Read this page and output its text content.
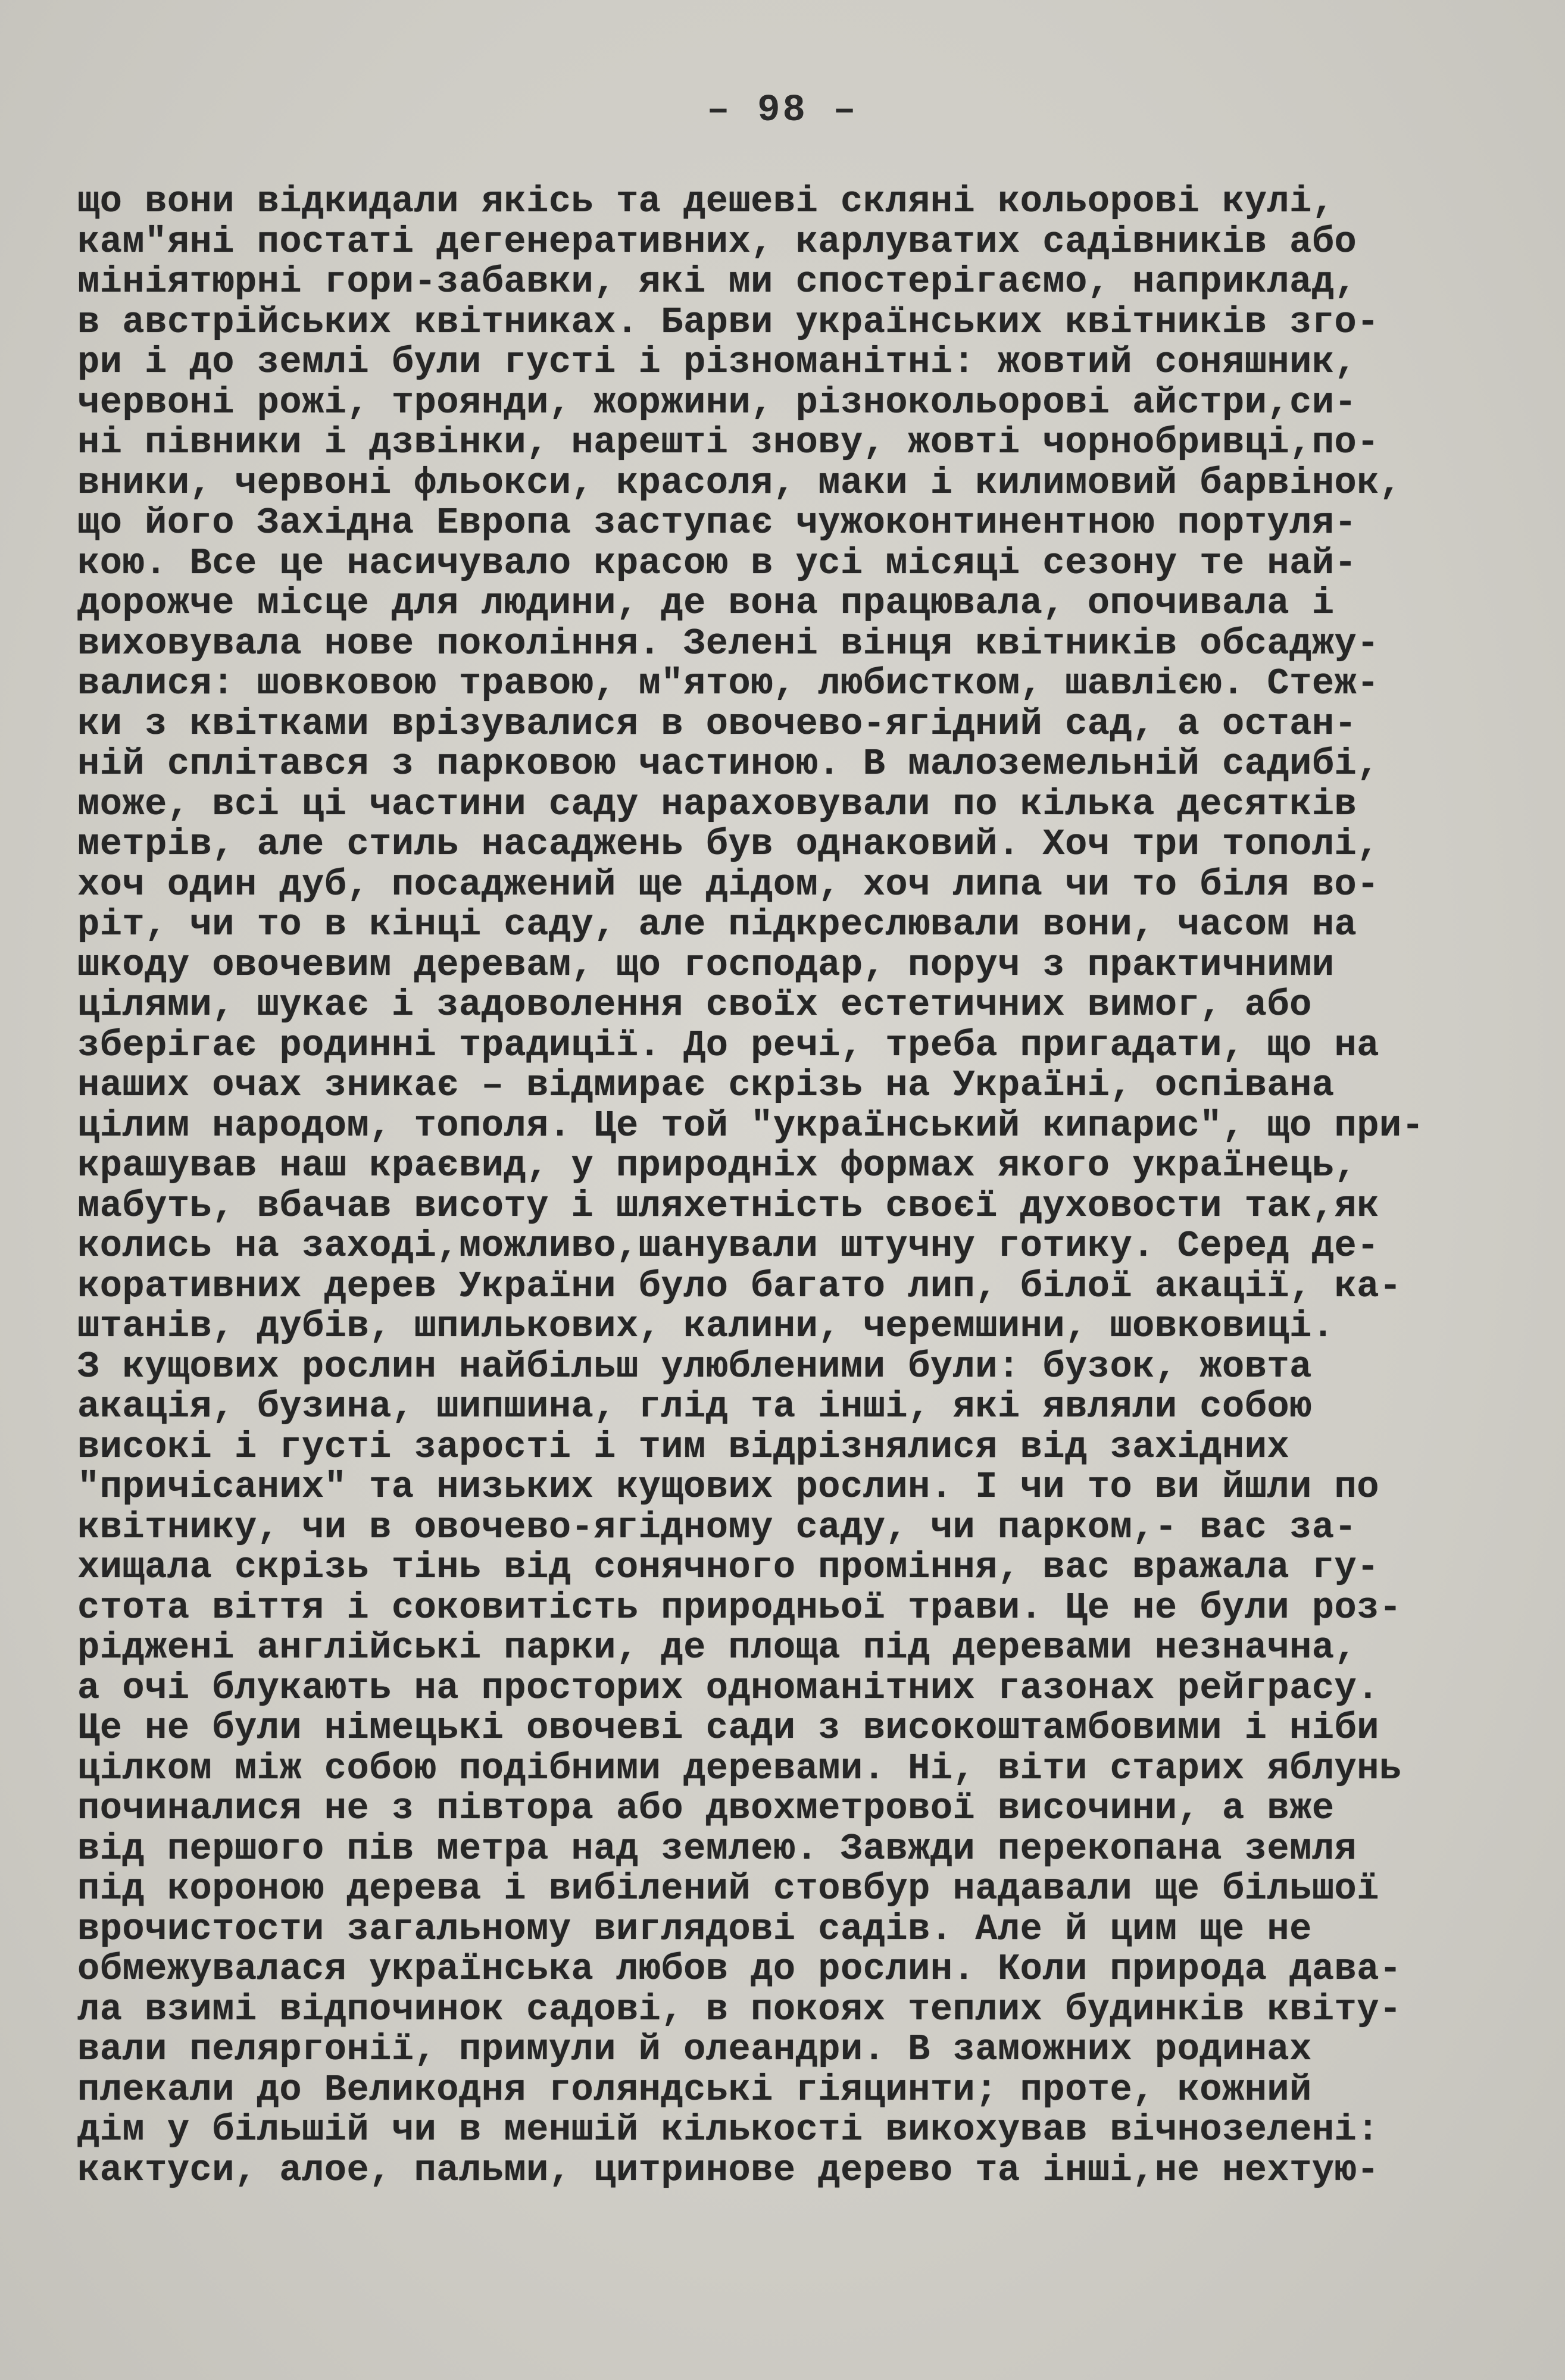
– 98 –
що вони відкидали якісь та дешеві скляні кольорові кулі,
кам"яні постаті дегенеративних, карлуватих садівників або
мініятюрні гори-забавки, які ми спостерігаємо, наприклад,
в австрійських квітниках. Барви українських квітників зго-
ри і до землі були густі і різноманітні: жовтий соняшник,
червоні рожі, троянди, жоржини, різнокольорові айстри,си-
ні півники і дзвінки, нарешті знову, жовті чорнобривці,по-
вники, червоні фльокси, красоля, маки і килимовий барвінок,
що його Західна Европа заступає чужоконтинентною портуля-
кою. Все це насичувало красою в усі місяці сезону те най-
дорожче місце для людини, де вона працювала, опочивала і
виховувала нове покоління. Зелені вінця квітників обсаджу-
валися: шовковою травою, м"ятою, любистком, шавлією. Стеж-
ки з квітками врізувалися в овочево-ягідний сад, а остан-
ній сплітався з парковою частиною. В малоземельній садибі,
може, всі ці частини саду нараховували по кілька десятків
метрів, але стиль насаджень був однаковий. Хоч три тополі,
хоч один дуб, посаджений ще дідом, хоч липа чи то біля во-
ріт, чи то в кінці саду, але підкреслювали вони, часом на
шкоду овочевим деревам, що господар, поруч з практичними
цілями, шукає і задоволення своїх естетичних вимог, або
зберігає родинні традиції. До речі, треба пригадати, що на
наших очах зникає – відмирає скрізь на Україні, оспівана
цілим народом, тополя. Це той "український кипарис", що при-
крашував наш краєвид, у природніх формах якого українець,
мабуть, вбачав висоту і шляхетність своєї духовости так,як
колись на заході,можливо,шанували штучну готику. Серед де-
коративних дерев України було багато лип, білої акації, ка-
штанів, дубів, шпилькових, калини, черемшини, шовковиці.
З кущових рослин найбільш улюбленими були: бузок, жовта
акація, бузина, шипшина, глід та інші, які являли собою
високі і густі зарості і тим відрізнялися від західних
"причісаних" та низьких кущових рослин. І чи то ви йшли по
квітнику, чи в овочево-ягідному саду, чи парком,- вас за-
хищала скрізь тінь від сонячного проміння, вас вражала гу-
стота віття і соковитість природньої трави. Це не були роз-
ріджені англійські парки, де площа під деревами незначна,
а очі блукають на просторих одноманітних газонах рейграсу.
Це не були німецькі овочеві сади з високоштамбовими і ніби
цілком між собою подібними деревами. Ні, віти старих яблунь
починалися не з півтора або двохметрової височини, а вже
від першого пів метра над землею. Завжди перекопана земля
під короною дерева і вибілений стовбур надавали ще більшої
врочистости загальному виглядові садів. Але й цим ще не
обмежувалася українська любов до рослин. Коли природа дава-
ла взимі відпочинок садові, в покоях теплих будинків квіту-
вали пеляргонії, примули й олеандри. В заможних родинах
плекали до Великодня голяндські гіяцинти; проте, кожний
дім у більшій чи в меншій кількості викохував вічнозелені:
кактуси, алое, пальми, цитринове дерево та інші,не нехтую-
